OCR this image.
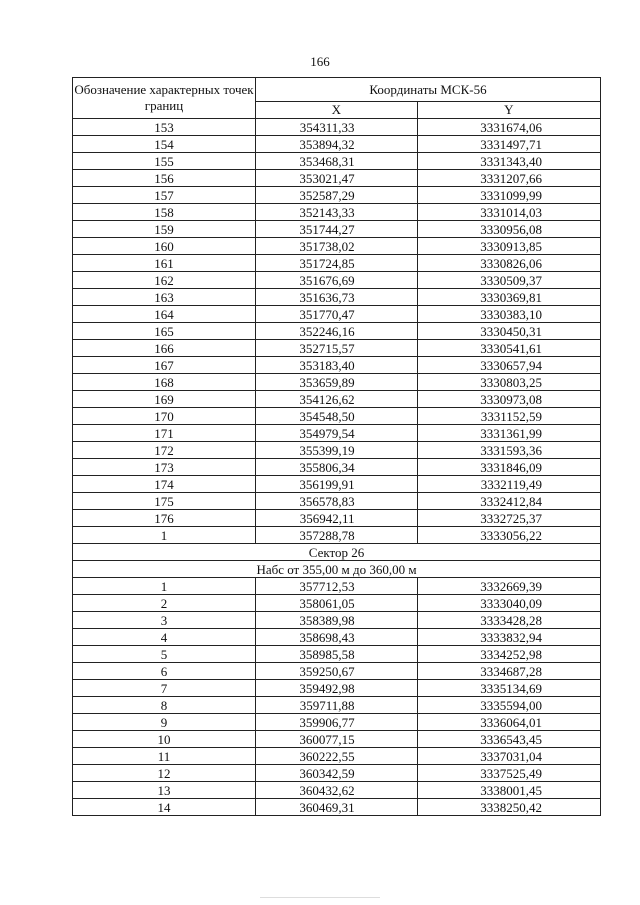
166
Обозначение характерных точек границ	Координаты МСК-56	
	X	Y
153	354311,33	3331674,06
154	353894,32	3331497,71
155	353468,31	3331343,40
156	353021,47	3331207,66
157	352587,29	3331099,99
158	352143,33	3331014,03
159	351744,27	3330956,08
160	351738,02	3330913,85
161	351724,85	3330826,06
162	351676,69	3330509,37
163	351636,73	3330369,81
164	351770,47	3330383,10
165	352246,16	3330450,31
166	352715,57	3330541,61
167	353183,40	3330657,94
168	353659,89	3330803,25
169	354126,62	3330973,08
170	354548,50	3331152,59
171	354979,54	3331361,99
172	355399,19	3331593,36
173	355806,34	3331846,09
174	356199,91	3332119,49
175	356578,83	3332412,84
176	356942,11	3332725,37
1	357288,78	3333056,22
Сектор 26		
Набс от 355,00 м до 360,00 м		
1	357712,53	3332669,39
2	358061,05	3333040,09
3	358389,98	3333428,28
4	358698,43	3333832,94
5	358985,58	3334252,98
6	359250,67	3334687,28
7	359492,98	3335134,69
8	359711,88	3335594,00
9	359906,77	3336064,01
10	360077,15	3336543,45
11	360222,55	3337031,04
12	360342,59	3337525,49
13	360432,62	3338001,45
14	360469,31	3338250,42
